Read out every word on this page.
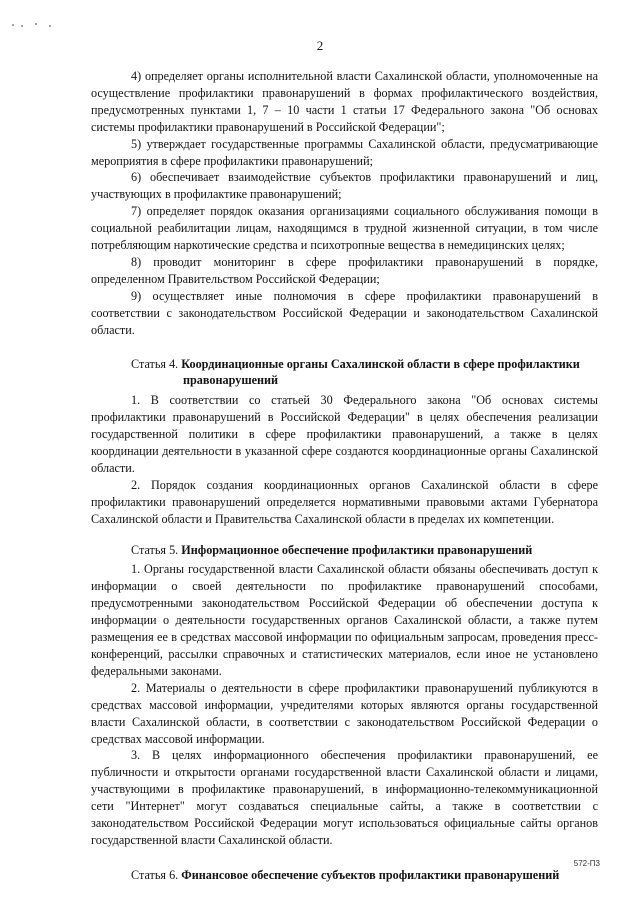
2

4) определяет органы исполнительной власти Сахалинской области, уполномоченные на осуществление профилактики правонарушений в формах профилактического воздействия, предусмотренных пунктами 1, 7 – 10 части 1 статьи 17 Федерального закона "Об основах системы профилактики правонарушений в Российской Федерации";

5) утверждает государственные программы Сахалинской области, предусматривающие мероприятия в сфере профилактики правонарушений;

6) обеспечивает взаимодействие субъектов профилактики правонарушений и лиц, участвующих в профилактике правонарушений;

7) определяет порядок оказания организациями социального обслуживания помощи в социальной реабилитации лицам, находящимся в трудной жизненной ситуации, в том числе потребляющим наркотические средства и психотропные вещества в немедицинских целях;

8) проводит мониторинг в сфере профилактики правонарушений в порядке, определенном Правительством Российской Федерации;

9) осуществляет иные полномочия в сфере профилактики правонарушений в соответствии с законодательством Российской Федерации и законодательством Сахалинской области.

Статья 4. Координационные органы Сахалинской области в сфере профилактики правонарушений

1. В соответствии со статьей 30 Федерального закона "Об основах системы профилактики правонарушений в Российской Федерации" в целях обеспечения реализации государственной политики в сфере профилактики правонарушений, а также в целях координации деятельности в указанной сфере создаются координационные органы Сахалинской области.

2. Порядок создания координационных органов Сахалинской области в сфере профилактики правонарушений определяется нормативными правовыми актами Губернатора Сахалинской области и Правительства Сахалинской области в пределах их компетенции.

Статья 5. Информационное обеспечение профилактики правонарушений

1. Органы государственной власти Сахалинской области обязаны обеспечивать доступ к информации о своей деятельности по профилактике правонарушений способами, предусмотренными законодательством Российской Федерации об обеспечении доступа к информации о деятельности государственных органов Сахалинской области, а также путем размещения ее в средствах массовой информации по официальным запросам, проведения пресс-конференций, рассылки справочных и статистических материалов, если иное не установлено федеральными законами.

2. Материалы о деятельности в сфере профилактики правонарушений публикуются в средствах массовой информации, учредителями которых являются органы государственной власти Сахалинской области, в соответствии с законодательством Российской Федерации о средствах массовой информации.

3. В целях информационного обеспечения профилактики правонарушений, ее публичности и открытости органами государственной власти Сахалинской области и лицами, участвующими в профилактике правонарушений, в информационно-телекоммуникационной сети "Интернет" могут создаваться специальные сайты, а также в соответствии с законодательством Российской Федерации могут использоваться официальные сайты органов государственной власти Сахалинской области.

Статья 6. Финансовое обеспечение субъектов профилактики правонарушений
572-П3
